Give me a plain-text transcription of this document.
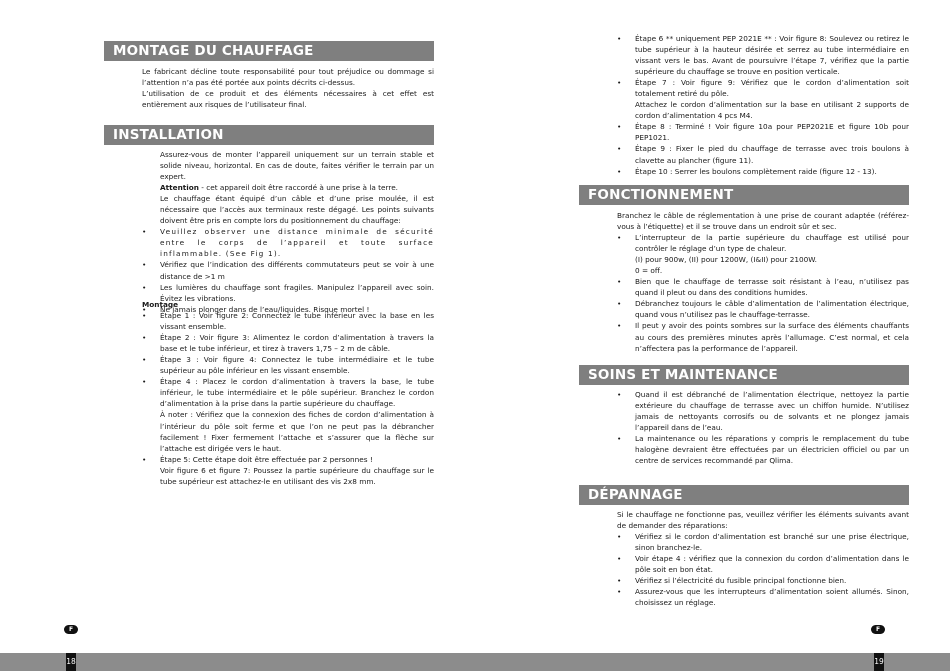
MONTAGE DU CHAUFFAGE

Le fabricant décline toute responsabilité pour tout préjudice ou dommage si l’attention n’a pas été portée aux points décrits ci-dessus.

L’utilisation de ce produit et des éléments nécessaires à cet effet est entièrement aux risques de l’utilisateur final.

INSTALLATION

Assurez-vous de monter l’appareil uniquement sur un terrain stable et solide niveau, horizontal. En cas de doute, faites vérifier le terrain par un expert.

Attention - cet appareil doit être raccordé à une prise à la terre.

Le chauffage étant équipé d’un câble et d’une prise moulée, il est nécessaire que l’accès aux terminaux reste dégagé. Les points suivants doivent être pris en compte lors du positionnement du chauffage:

• Veuillez observer une distance minimale de sécurité entre le corps de l’appareil et toute surface inflammable. (See Fig 1).
• Vérifiez que l’indication des différents commutateurs peut se voir à une distance de >1 m
• Les lumières du chauffage sont fragiles. Manipulez l’appareil avec soin. Évitez les vibrations.
• Ne jamais plonger dans de l’eau/liquides. Risque mortel !

Montage

• Étape 1 : Voir figure 2: Connectez le tube inférieur avec la base en les vissant ensemble.
• Étape 2 : Voir figure 3: Alimentez le cordon d’alimentation à travers la base et le tube inférieur, et tirez à travers 1,75 – 2 m de câble.
• Étape 3 : Voir figure 4: Connectez le tube intermédiaire et le tube supérieur au pôle inférieur en les vissant ensemble.
• Étape 4 : Placez le cordon d’alimentation à travers la base, le tube inférieur, le tube intermédiaire et le pôle supérieur. Branchez le cordon d’alimentation à la prise dans la partie supérieure du chauffage.
À noter : Vérifiez que la connexion des fiches de cordon d’alimentation à l’intérieur du pôle soit ferme et que l’on ne peut pas la débrancher facilement ! Fixer fermement l’attache et s’assurer que la flèche sur l’attache est dirigée vers le haut.
• Étape 5: Cette étape doit être effectuée par 2 personnes !
Voir figure 6 et figure 7: Poussez la partie supérieure du chauffage sur le tube supérieur est attachez-le en utilisant des vis 2x8 mm.
• Étape 6 ** uniquement PEP 2021E ** : Voir figure 8: Soulevez ou retirez le tube supérieur à la hauteur désirée et serrez au tube intermédiaire en vissant vers le bas. Avant de poursuivre l’étape 7, vérifiez que la partie supérieure du chauffage se trouve en position verticale.
• Étape 7 : Voir figure 9: Vérifiez que le cordon d’alimentation soit totalement retiré du pôle.
Attachez le cordon d’alimentation sur la base en utilisant 2 supports de cordon d’alimentation 4 pcs M4.
• Étape 8 : Terminé ! Voir figure 10a pour PEP2021E et figure 10b pour PEP1021.
• Étape 9 : Fixer le pied du chauffage de terrasse avec trois boulons à clavette au plancher (figure 11).
• Étape 10 : Serrer les boulons complètement raide (figure 12 - 13).
FONCTIONNEMENT

Branchez le câble de réglementation à une prise de courant adaptée (référez-vous à l’étiquette) et il se trouve dans un endroit sûr et sec.

• L’interrupteur de la partie supérieure du chauffage est utilisé pour contrôler le réglage d’un type de chaleur.
(I) pour 900w, (II) pour 1200W, (I&II) pour 2100W.
0 = off.
• Bien que le chauffage de terrasse soit résistant à l’eau, n’utilisez pas quand il pleut ou dans des conditions humides.
• Débranchez toujours le câble d’alimentation de l’alimentation électrique, quand vous n’utilisez pas le chauffage-terrasse.
• Il peut y avoir des points sombres sur la surface des éléments chauffants au cours des premières minutes après l’allumage. C’est normal, et cela n’affectera pas la performance de l’appareil.
SOINS ET MAINTENANCE
• Quand il est débranché de l’alimentation électrique, nettoyez la partie extérieure du chauffage de terrasse avec un chiffon humide. N’utilisez jamais de nettoyants corrosifs ou de solvants et ne plongez jamais l’appareil dans de l’eau.
• La maintenance ou les réparations y compris le remplacement du tube halogène devraient être effectuées par un électricien officiel ou par un centre de services recommandé par Qlima.
DÉPANNAGE

Si le chauffage ne fonctionne pas, veuillez vérifier les éléments suivants avant de demander des réparations:

• Vérifiez si le cordon d’alimentation est branché sur une prise électrique, sinon branchez-le.
• Voir étape 4 : vérifiez que la connexion du cordon d’alimentation dans le pôle soit en bon état.
• Vérifiez si l’électricité du fusible principal fonctionne bien.
• Assurez-vous que les interrupteurs d’alimentation soient allumés. Sinon, choisissez un réglage.
F	F
18	19
